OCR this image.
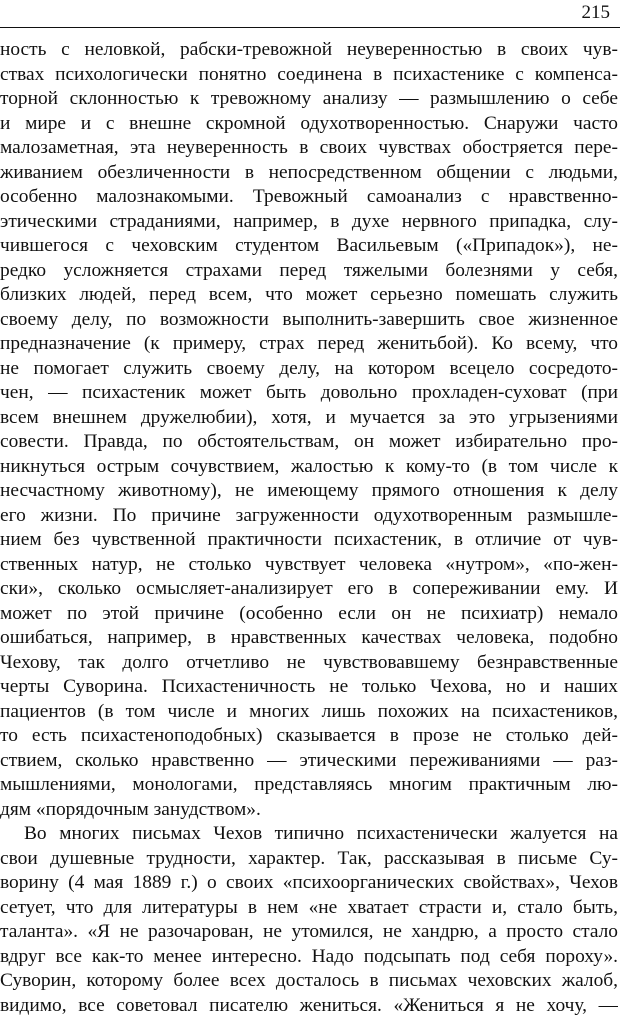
215
ность с неловкой, рабски-тревожной неуверенностью в своих чув-
ствах психологически понятно соединена в психастенике с компенса-
торной склонностью к тревожному анализу — размышлению о себе
и мире и с внешне скромной одухотворенностью. Снаружи часто
малозаметная, эта неуверенность в своих чувствах обостряется пере-
живанием обезличенности в непосредственном общении с людьми,
особенно малознакомыми. Тревожный самоанализ с нравственно-
этическими страданиями, например, в духе нервного припадка, слу-
чившегося с чеховским студентом Васильевым («Припадок»), не-
редко усложняется страхами перед тяжелыми болезнями у себя,
близких людей, перед всем, что может серьезно помешать служить
своему делу, по возможности выполнить-завершить свое жизненное
предназначение (к примеру, страх перед женитьбой). Ко всему, что
не помогает служить своему делу, на котором всецело сосредото-
чен, — психастеник может быть довольно прохладен-суховат (при
всем внешнем дружелюбии), хотя, и мучается за это угрызениями
совести. Правда, по обстоятельствам, он может избирательно про-
никнуться острым сочувствием, жалостью к кому-то (в том числе к
несчастному животному), не имеющему прямого отношения к делу
его жизни. По причине загруженности одухотворенным размышле-
нием без чувственной практичности психастеник, в отличие от чув-
ственных натур, не столько чувствует человека «нутром», «по-жен-
ски», сколько осмысляет-анализирует его в сопереживании ему. И
может по этой причине (особенно если он не психиатр) немало
ошибаться, например, в нравственных качествах человека, подобно
Чехову, так долго отчетливо не чувствовавшему безнравственные
черты Суворина. Психастеничность не только Чехова, но и наших
пациентов (в том числе и многих лишь похожих на психастеников,
то есть психастеноподобных) сказывается в прозе не столько дей-
ствием, сколько нравственно — этическими переживаниями — раз-
мышлениями, монологами, представляясь многим практичным лю-
дям «порядочным занудством».
Во многих письмах Чехов типично психастенически жалуется на
свои душевные трудности, характер. Так, рассказывая в письме Су-
ворину (4 мая 1889 г.) о своих «психоорганических свойствах», Чехов
сетует, что для литературы в нем «не хватает страсти и, стало быть,
таланта». «Я не разочарован, не утомился, не хандрю, а просто стало
вдруг все как-то менее интересно. Надо подсыпать под себя пороху».
Суворин, которому более всех досталось в письмах чеховских жалоб,
видимо, все советовал писателю жениться. «Жениться я не хочу, —
